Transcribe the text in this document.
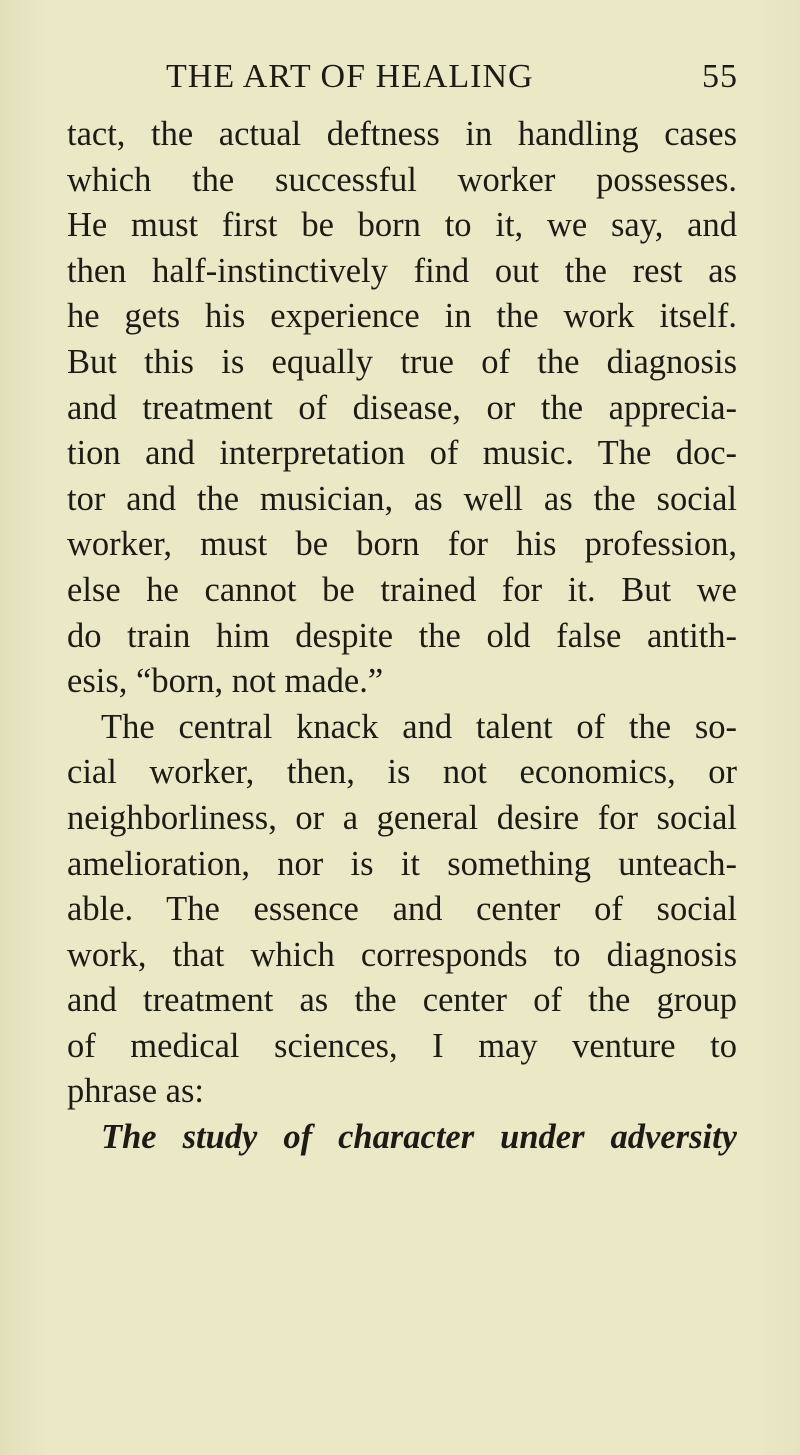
THE ART OF HEALING	55
tact, the actual deftness in handling cases
which the successful worker possesses.
He must first be born to it, we say, and
then half-instinctively find out the rest as
he gets his experience in the work itself.
But this is equally true of the diagnosis
and treatment of disease, or the apprecia-
tion and interpretation of music. The doc-
tor and the musician, as well as the social
worker, must be born for his profession,
else he cannot be trained for it. But we
do train him despite the old false antith-
esis, “born, not made.”
The central knack and talent of the so-
cial worker, then, is not economics, or
neighborliness, or a general desire for social
amelioration, nor is it something unteach-
able. The essence and center of social
work, that which corresponds to diagnosis
and treatment as the center of the group
of medical sciences, I may venture to
phrase as:
The study of character under adversity
